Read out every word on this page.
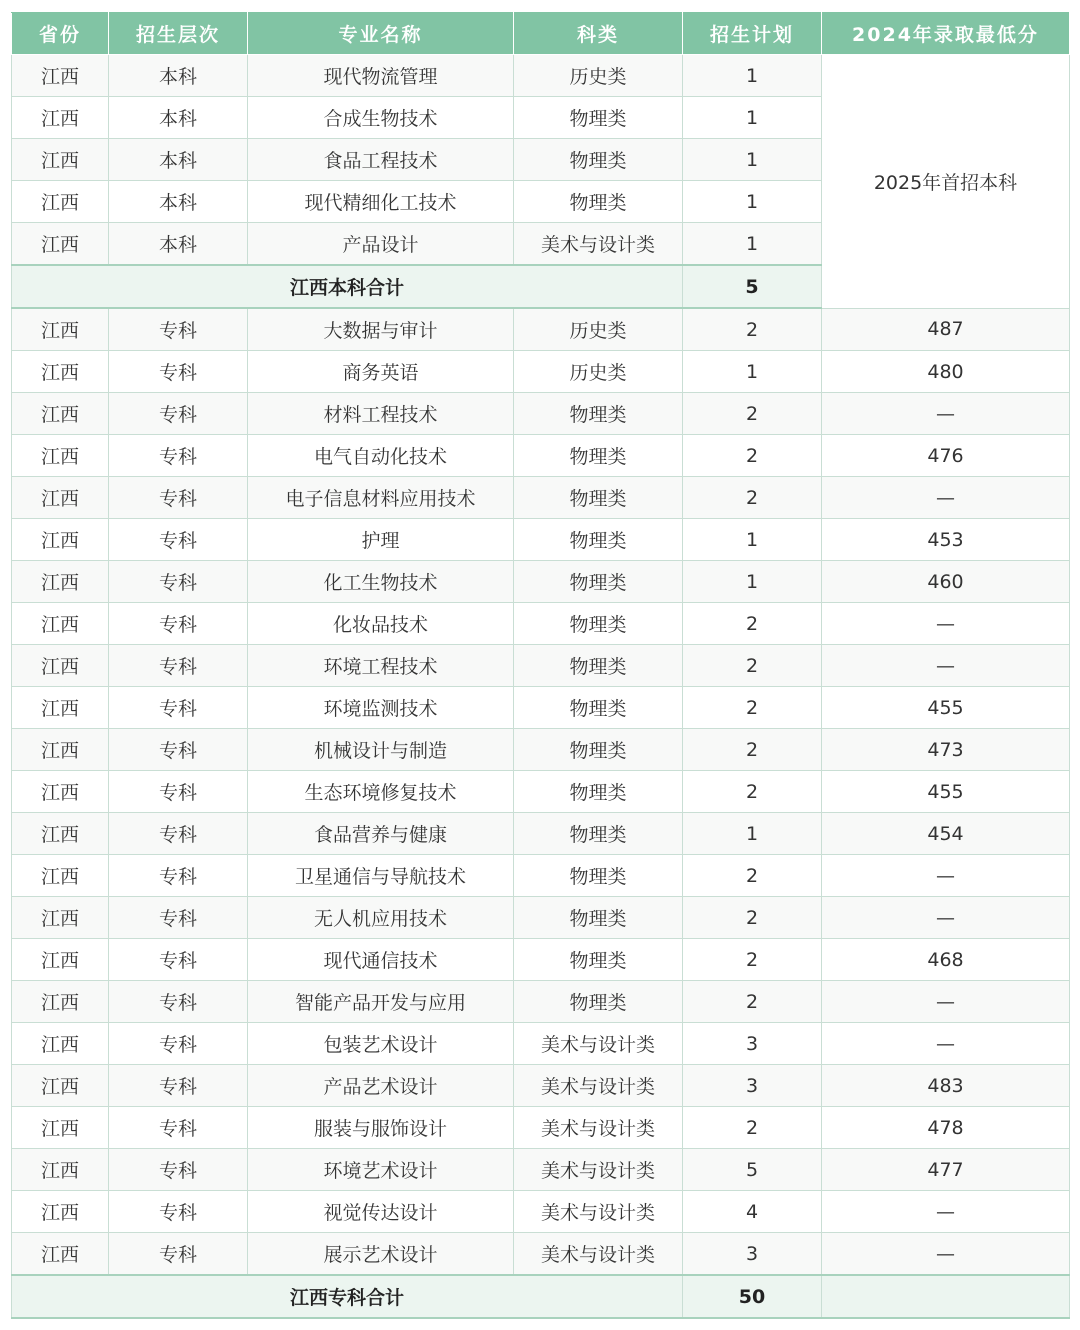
省份	招生层次	专业名称	科类	招生计划	2024年录取最低分
江西	本科	现代物流管理	历史类	1	2025年首招本科
江西	本科	合成生物技术	物理类	1	
江西	本科	食品工程技术	物理类	1	
江西	本科	现代精细化工技术	物理类	1	
江西	本科	产品设计	美术与设计类	1	
江西本科合计				5	
江西	专科	大数据与审计	历史类	2	487
江西	专科	商务英语	历史类	1	480
江西	专科	材料工程技术	物理类	2	—
江西	专科	电气自动化技术	物理类	2	476
江西	专科	电子信息材料应用技术	物理类	2	—
江西	专科	护理	物理类	1	453
江西	专科	化工生物技术	物理类	1	460
江西	专科	化妆品技术	物理类	2	—
江西	专科	环境工程技术	物理类	2	—
江西	专科	环境监测技术	物理类	2	455
江西	专科	机械设计与制造	物理类	2	473
江西	专科	生态环境修复技术	物理类	2	455
江西	专科	食品营养与健康	物理类	1	454
江西	专科	卫星通信与导航技术	物理类	2	—
江西	专科	无人机应用技术	物理类	2	—
江西	专科	现代通信技术	物理类	2	468
江西	专科	智能产品开发与应用	物理类	2	—
江西	专科	包装艺术设计	美术与设计类	3	—
江西	专科	产品艺术设计	美术与设计类	3	483
江西	专科	服装与服饰设计	美术与设计类	2	478
江西	专科	环境艺术设计	美术与设计类	5	477
江西	专科	视觉传达设计	美术与设计类	4	—
江西	专科	展示艺术设计	美术与设计类	3	—
江西专科合计				50	
